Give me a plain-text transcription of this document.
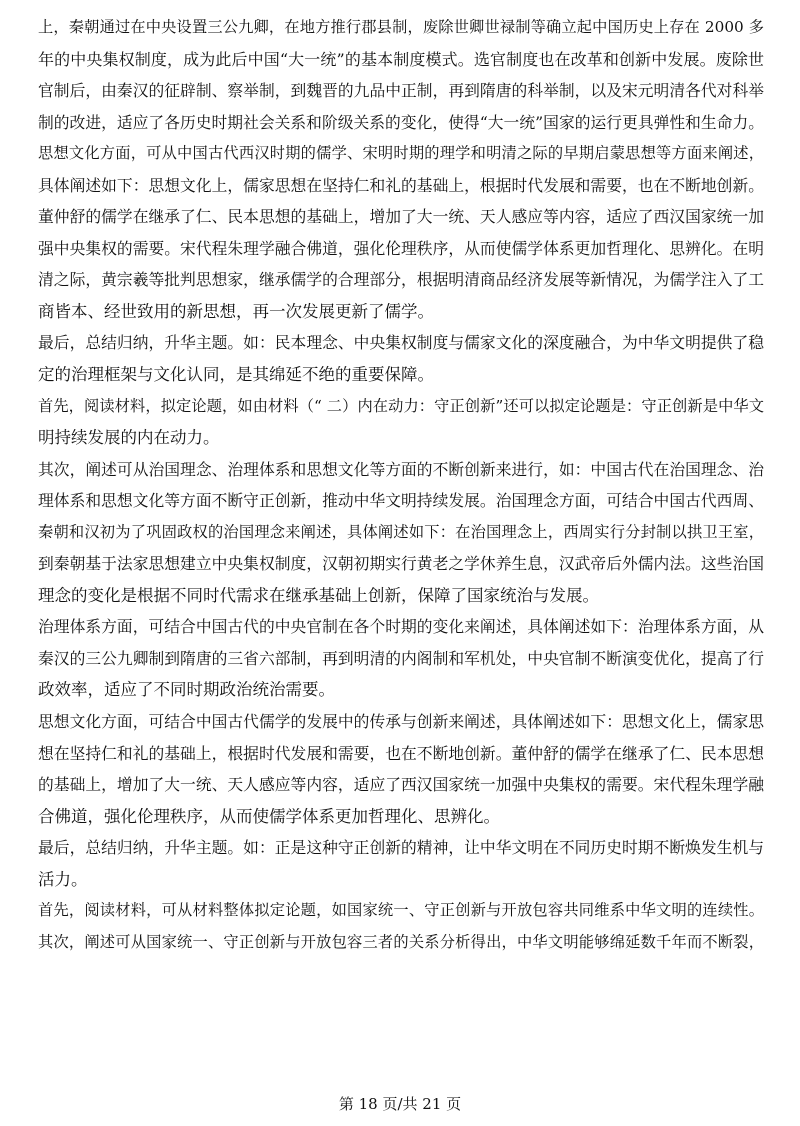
上，秦朝通过在中央设置三公九卿，在地方推行郡县制，废除世卿世禄制等确立起中国历史上存在 2000 多
年的中央集权制度，成为此后中国“大一统”的基本制度模式。选官制度也在改革和创新中发展。废除世
官制后，由秦汉的征辟制、察举制，到魏晋的九品中正制，再到隋唐的科举制，以及宋元明清各代对科举
制的改进，适应了各历史时期社会关系和阶级关系的变化，使得“大一统”国家的运行更具弹性和生命力。
思想文化方面，可从中国古代西汉时期的儒学、宋明时期的理学和明清之际的早期启蒙思想等方面来阐述，
具体阐述如下：思想文化上，儒家思想在坚持仁和礼的基础上，根据时代发展和需要，也在不断地创新。
董仲舒的儒学在继承了仁、民本思想的基础上，增加了大一统、天人感应等内容，适应了西汉国家统一加
强中央集权的需要。宋代程朱理学融合佛道，强化伦理秩序，从而使儒学体系更加哲理化、思辨化。在明
清之际，黄宗羲等批判思想家，继承儒学的合理部分，根据明清商品经济发展等新情况，为儒学注入了工
商皆本、经世致用的新思想，再一次发展更新了儒学。
最后，总结归纳，升华主题。如：民本理念、中央集权制度与儒家文化的深度融合，为中华文明提供了稳
定的治理框架与文化认同，是其绵延不绝的重要保障。
首先，阅读材料，拟定论题，如由材料（“ 二）内在动力：守正创新”还可以拟定论题是：守正创新是中华文
明持续发展的内在动力。
其次，阐述可从治国理念、治理体系和思想文化等方面的不断创新来进行，如：中国古代在治国理念、治
理体系和思想文化等方面不断守正创新，推动中华文明持续发展。治国理念方面，可结合中国古代西周、
秦朝和汉初为了巩固政权的治国理念来阐述，具体阐述如下：在治国理念上，西周实行分封制以拱卫王室，
到秦朝基于法家思想建立中央集权制度，汉朝初期实行黄老之学休养生息，汉武帝后外儒内法。这些治国
理念的变化是根据不同时代需求在继承基础上创新，保障了国家统治与发展。
治理体系方面，可结合中国古代的中央官制在各个时期的变化来阐述，具体阐述如下：治理体系方面，从
秦汉的三公九卿制到隋唐的三省六部制，再到明清的内阁制和军机处，中央官制不断演变优化，提高了行
政效率，适应了不同时期政治统治需要。
思想文化方面，可结合中国古代儒学的发展中的传承与创新来阐述，具体阐述如下：思想文化上，儒家思
想在坚持仁和礼的基础上，根据时代发展和需要，也在不断地创新。董仲舒的儒学在继承了仁、民本思想
的基础上，增加了大一统、天人感应等内容，适应了西汉国家统一加强中央集权的需要。宋代程朱理学融
合佛道，强化伦理秩序，从而使儒学体系更加哲理化、思辨化。
最后，总结归纳，升华主题。如：正是这种守正创新的精神，让中华文明在不同历史时期不断焕发生机与
活力。
首先，阅读材料，可从材料整体拟定论题，如国家统一、守正创新与开放包容共同维系中华文明的连续性。
其次，阐述可从国家统一、守正创新与开放包容三者的关系分析得出，中华文明能够绵延数千年而不断裂，
第 18 页/共 21 页
